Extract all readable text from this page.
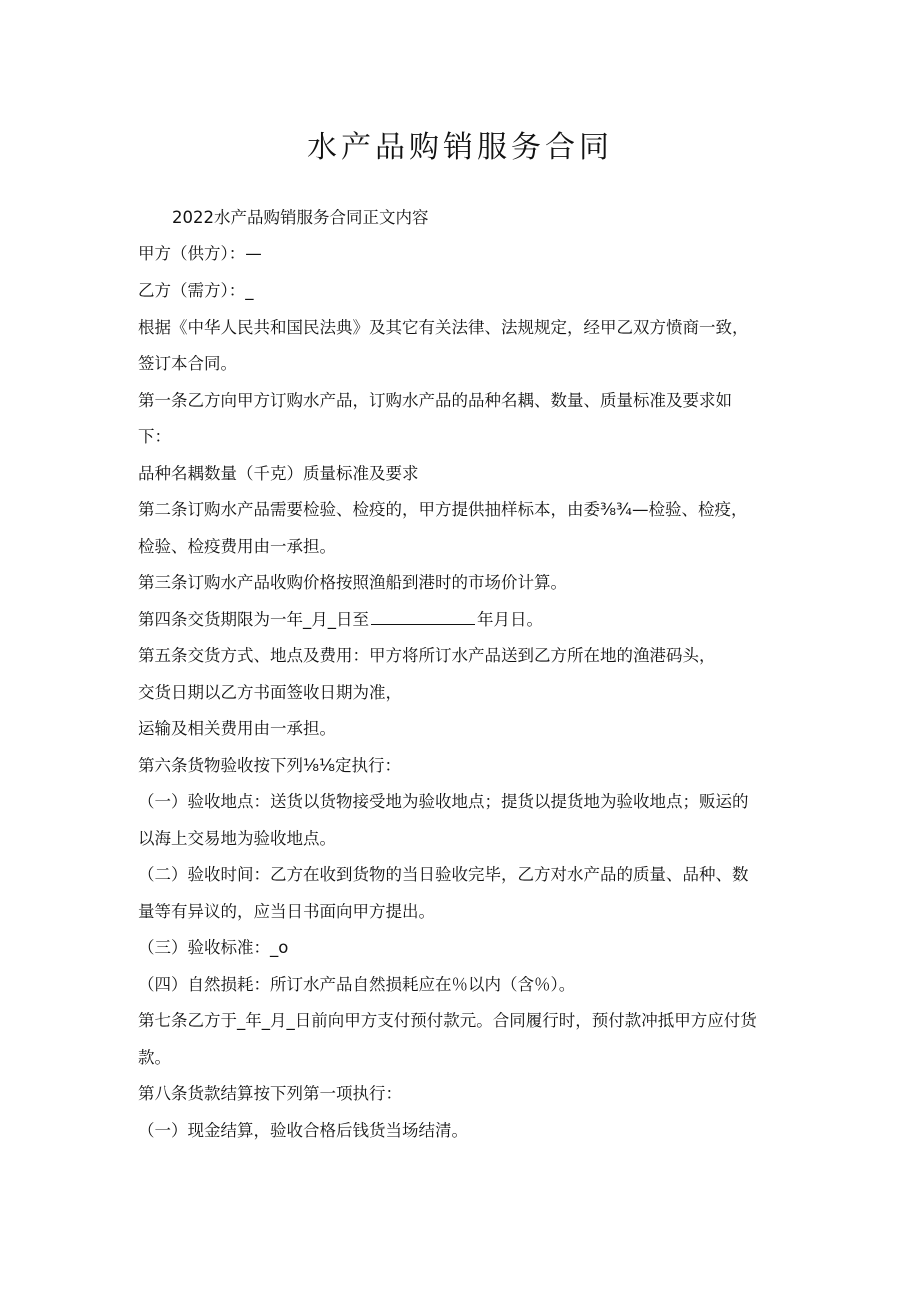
水产品购销服务合同

2022水产品购销服务合同正文内容

甲方（供方）：—

乙方（需方）：_

根据《中华人民共和国民法典》及其它有关法律、法规规定，经甲乙双方愤商一致，

签订本合同。

第一条乙方向甲方订购水产品，订购水产品的品种名耦、数量、质量标准及要求如

下：

品种名耦数量（千克）质量标准及要求

第二条订购水产品需要检验、检疫的，甲方提供抽样标本，由委⅜¾—检验、检疫，

检验、检疫费用由一承担。

第三条订购水产品收购价格按照渔船到港时的市场价计算。

第四条交货期限为一年_月_日至	年月日。

第五条交货方式、地点及费用：甲方将所订水产品送到乙方所在地的渔港码头，

交货日期以乙方书面签收日期为准，

运输及相关费用由一承担。

第六条货物验收按下列⅛⅛定执行：

（一）验收地点：送货以货物接受地为验收地点；提货以提货地为验收地点；贩运的

以海上交易地为验收地点。

（二）验收时间：乙方在收到货物的当日验收完毕，乙方对水产品的质量、品种、数

量等有异议的，应当日书面向甲方提出。

（三）验收标准：_o

（四）自然损耗：所订水产品自然损耗应在％以内（含％）。

第七条乙方于_年_月_日前向甲方支付预付款元。合同履行时，预付款冲抵甲方应付货

款。

第八条货款结算按下列第一项执行：

（一）现金结算，验收合格后钱货当场结清。
